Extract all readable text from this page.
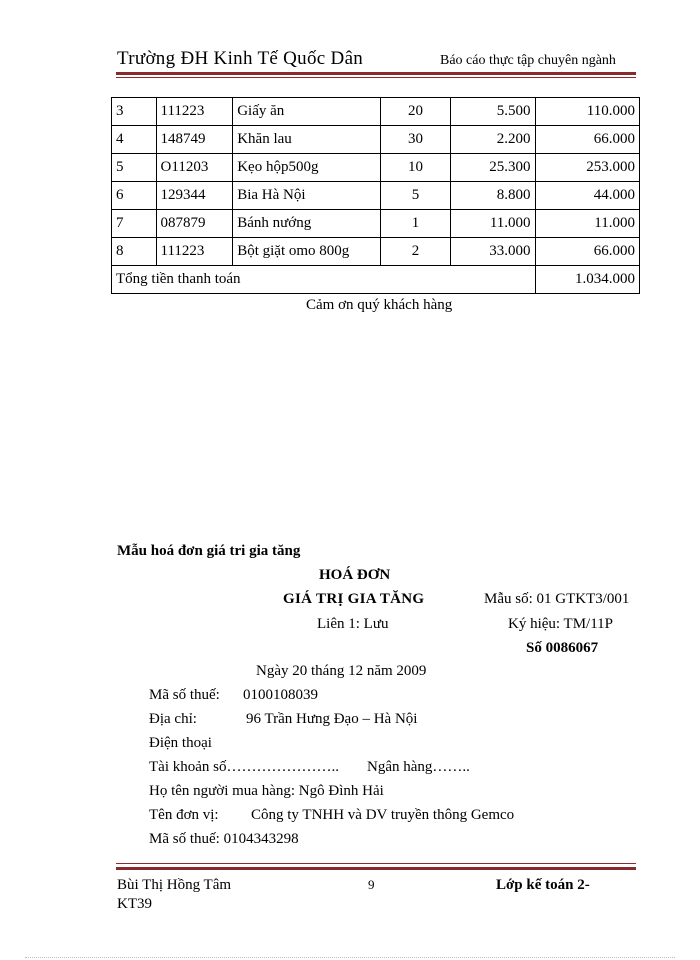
Trường ĐH Kinh Tế Quốc Dân	Báo cáo thực tập chuyên ngành
3	111223	Giấy ăn	20	5.500	110.000
4	148749	Khăn lau	30	2.200	66.000
5	O11203	Kẹo hộp500g	10	25.300	253.000
6	129344	Bia Hà Nội	5	8.800	44.000
7	087879	Bánh nướng	1	11.000	11.000
8	111223	Bột giặt omo 800g	2	33.000	66.000
Tổng tiền thanh toán					1.034.000
Cảm ơn quý khách hàng
Mẫu hoá đơn giá tri gia tăng
HOÁ ĐƠN
GIÁ TRỊ GIA TĂNG	Mẫu số: 01 GTKT3/001
Liên 1: Lưu	Ký hiệu: TM/11P
Số 0086067
Ngày 20 tháng 12 năm 2009
Mã số thuế: 0100108039
Địa chỉ:	96 Trần Hưng Đạo – Hà Nội
Điện thoại
Tài khoản số………………….. Ngân hàng……..
Họ tên người mua hàng: Ngô Đình Hải
Tên đơn vị: Công ty TNHH và DV truyền thông Gemco
Mã số thuế: 0104343298
Bùi Thị Hồng Tâm KT39
9	Lớp kế toán 2-
